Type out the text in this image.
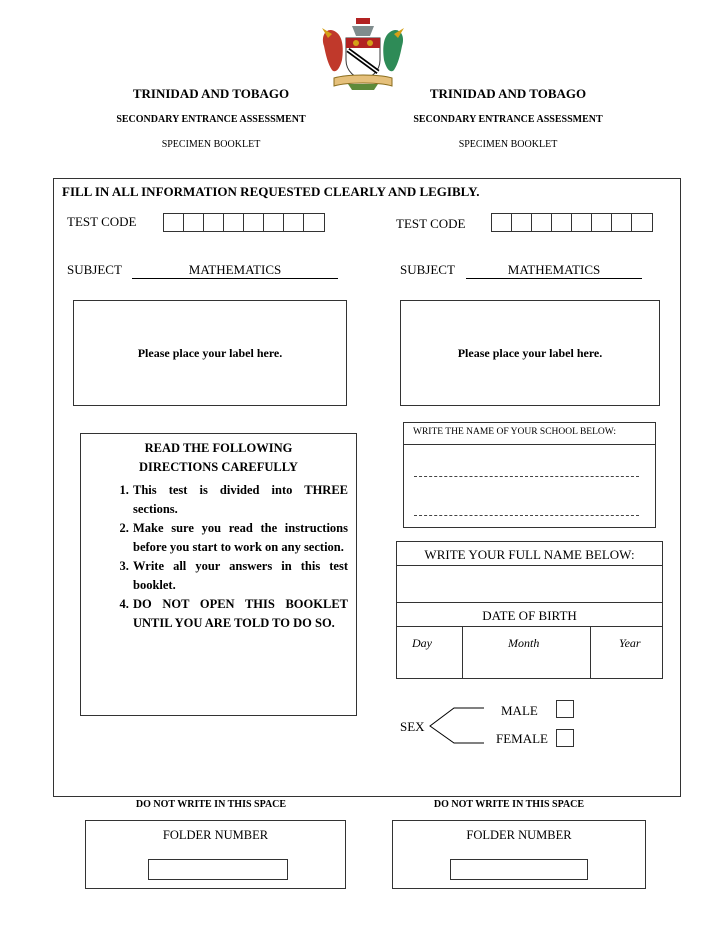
TRINIDAD AND TOBAGO
SECONDARY ENTRANCE ASSESSMENT
SPECIMEN BOOKLET
TRINIDAD AND TOBAGO
SECONDARY ENTRANCE ASSESSMENT
SPECIMEN BOOKLET
FILL IN ALL INFORMATION REQUESTED CLEARLY AND LEGIBLY.
TEST CODE	TEST CODE
SUBJECT	MATHEMATICS	SUBJECT	MATHEMATICS
Please place your label here.	Please place your label here.
READ THE FOLLOWING
DIRECTIONS CAREFULLY
1. This test is divided into THREE sections.
2. Make sure you read the instructions before you start to work on any section.
3. Write all your answers in this test booklet.
4. DO NOT OPEN THIS BOOKLET UNTIL YOU ARE TOLD TO DO SO.
WRITE THE NAME OF YOUR SCHOOL BELOW:
WRITE YOUR FULL NAME BELOW:
DATE OF BIRTH
Day	Month	Year
SEX
MALE
FEMALE
DO NOT WRITE IN THIS SPACE	DO NOT WRITE IN THIS SPACE
FOLDER NUMBER	FOLDER NUMBER
